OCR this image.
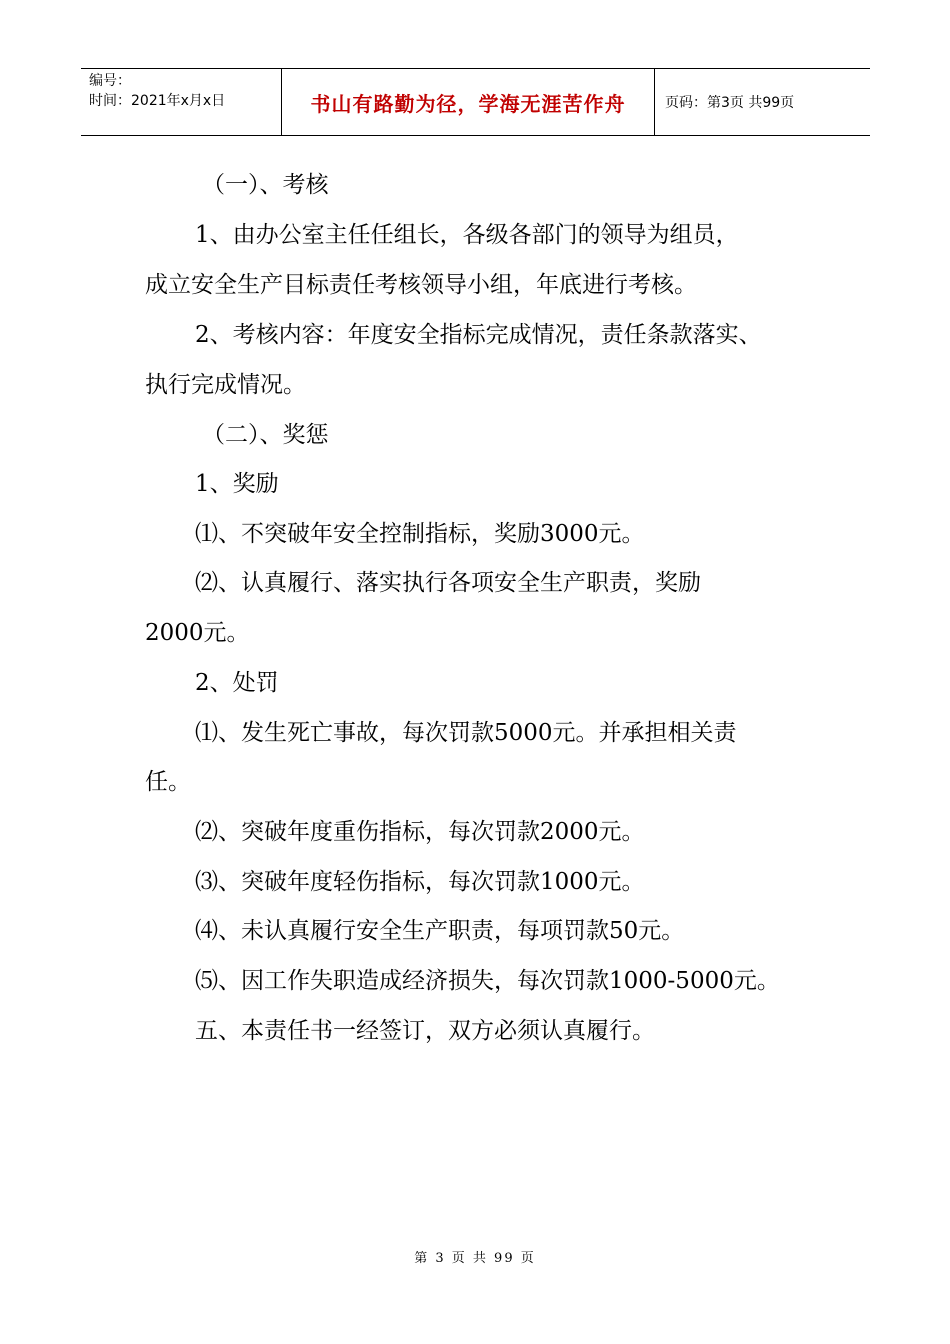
编号：
时间：2021年x月x日	书山有路勤为径，学海无涯苦作舟	页码：第3页 共99页
（一）、考核
1、由办公室主任任组长，各级各部门的领导为组员，
成立安全生产目标责任考核领导小组，年底进行考核。
2、考核内容：年度安全指标完成情况，责任条款落实、
执行完成情况。
（二）、奖惩
1、奖励
⑴、不突破年安全控制指标，奖励3000元。
⑵、认真履行、落实执行各项安全生产职责，奖励
2000元。
2、处罚
⑴、发生死亡事故，每次罚款5000元。并承担相关责
任。
⑵、突破年度重伤指标，每次罚款2000元。
⑶、突破年度轻伤指标，每次罚款1000元。
⑷、未认真履行安全生产职责，每项罚款50元。
⑸、因工作失职造成经济损失，每次罚款1000-5000元。
五、本责任书一经签订，双方必须认真履行。
第 3 页 共 99 页
